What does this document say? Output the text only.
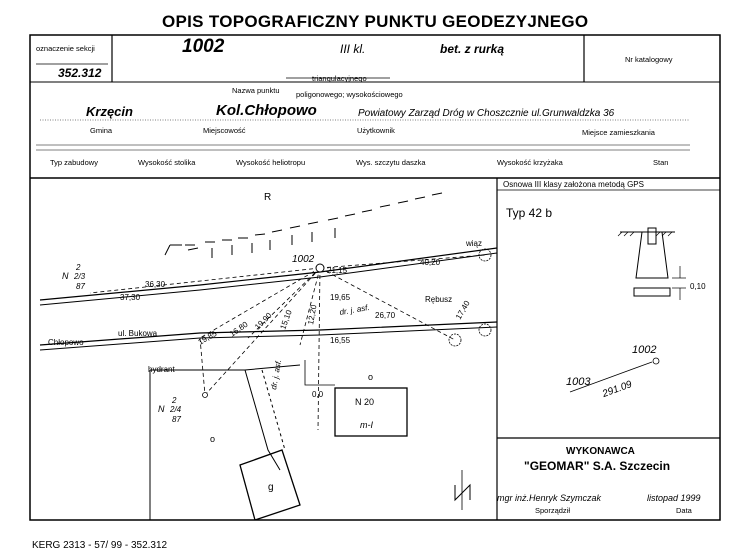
OPIS TOPOGRAFICZNY PUNKTU GEODEZYJNEGO
oznaczenie sekcji
352.312
1002	III kl.	bet. z rurką
Nr katalogowy
Nazwa punktu
triangulacyjnego
poligonowego; wysokościowego
Krzęcin	Kol.Chłopowo	Powiatowy Zarząd Dróg w Choszcznie ul.Grunwaldzka 36
Gmina	Miejscowość	Użytkownik	Miejsce zamieszkania
Typ zabudowy	Wysokość stolika	Wysokość heliotropu	Wys. szczytu daszka	Wysokość krzyżaka	Stan
Osnowa III klasy założona metodą GPS
Typ 42 b
0,10
1002
1003 291.09
WYKONAWCA
"GEOMAR" S.A. Szczecin
mgr inż.Henryk Szymczak
Sporządził
listopad 1999
Data
KERG 2313 - 57/ 99 - 352.312
R
1002
21,15
40,20
36,30
37,30	19,65
16,55
26,70	17,40
19,85 16,80 19,90 15,10 12,20
wiąz
Rębusz
dr. j. asf.
dr. j. asf.
ul. Bukowa
Chłopowo
hydrant
N
2
2/3
87
N
2
2/4
87
0,0
o
o
N 20
m-I
g
N
